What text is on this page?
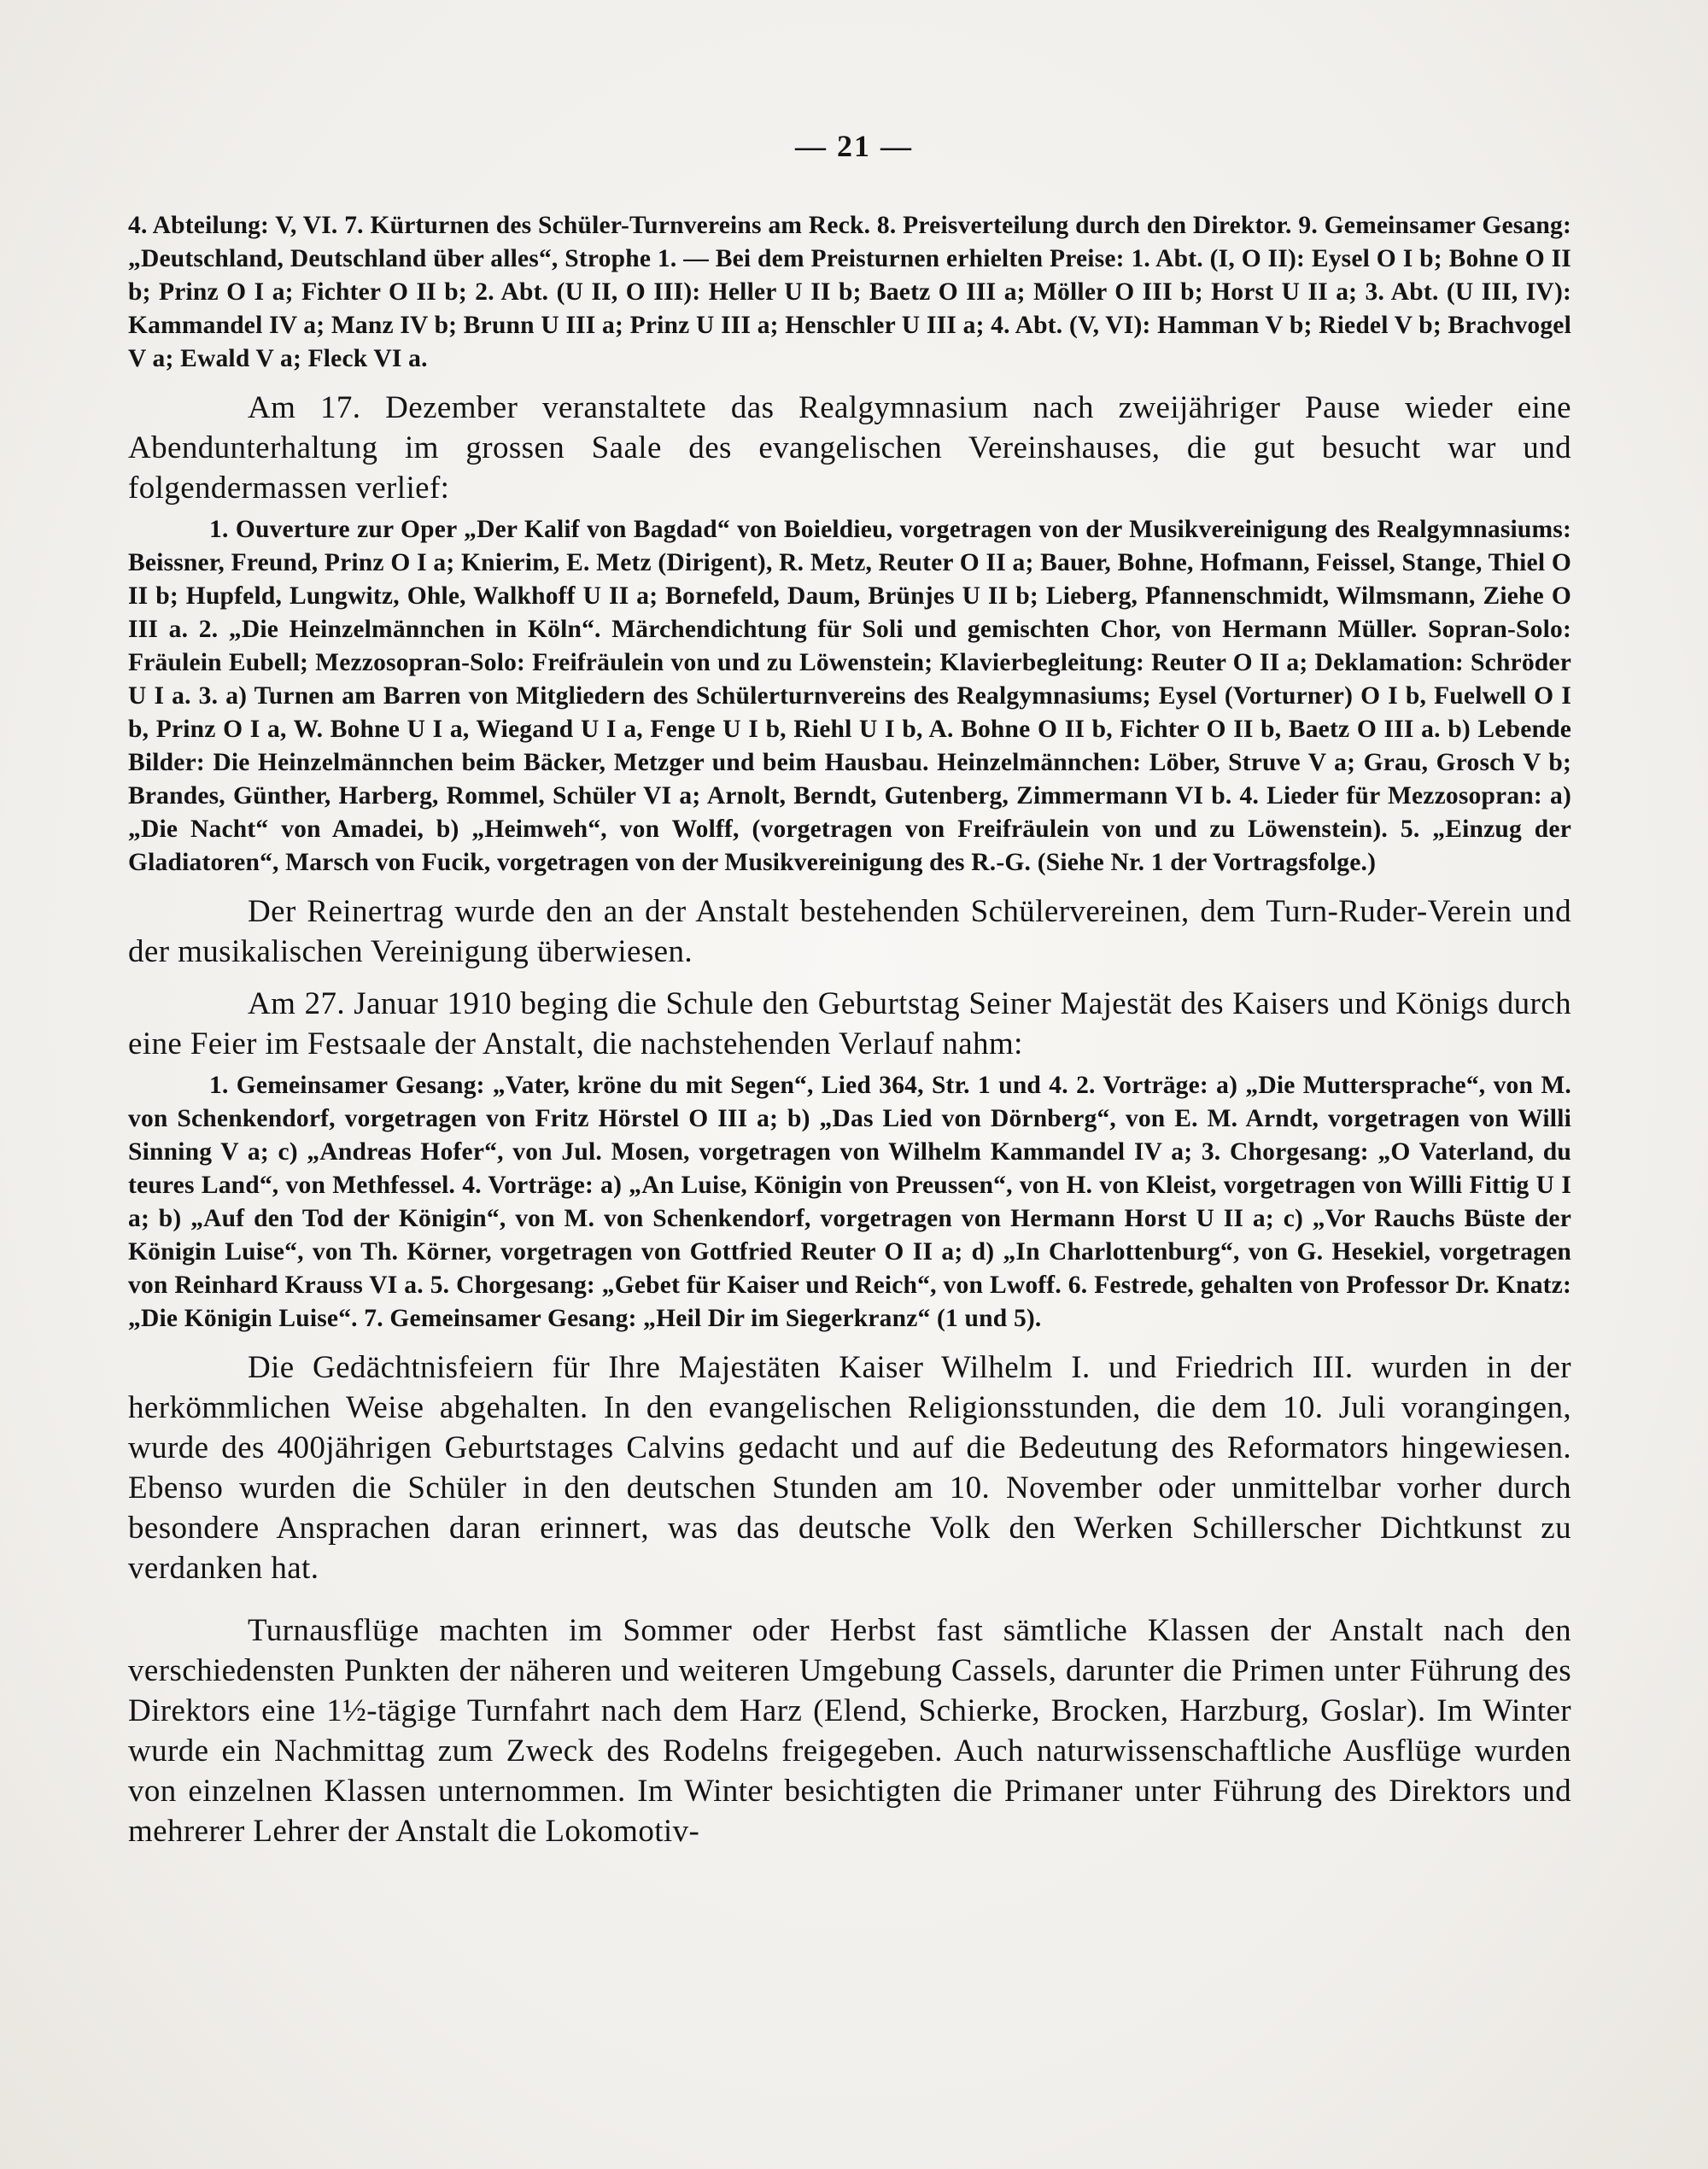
— 21 —

4. Abteilung: V, VI. 7. Kürturnen des Schüler-Turnvereins am Reck. 8. Preisverteilung durch den Direktor. 9. Gemeinsamer Gesang: „Deutschland, Deutschland über alles“, Strophe 1. — Bei dem Preisturnen erhielten Preise: 1. Abt. (I, O II): Eysel O I b; Bohne O II b; Prinz O I a; Fichter O II b; 2. Abt. (U II, O III): Heller U II b; Baetz O III a; Möller O III b; Horst U II a; 3. Abt. (U III, IV): Kammandel IV a; Manz IV b; Brunn U III a; Prinz U III a; Henschler U III a; 4. Abt. (V, VI): Hamman V b; Riedel V b; Brachvogel V a; Ewald V a; Fleck VI a.

Am 17. Dezember veranstaltete das Realgymnasium nach zweijähriger Pause wieder eine Abendunterhaltung im grossen Saale des evangelischen Vereinshauses, die gut besucht war und folgendermassen verlief:

1. Ouverture zur Oper „Der Kalif von Bagdad“ von Boieldieu, vorgetragen von der Musikvereinigung des Realgymnasiums: Beissner, Freund, Prinz O I a; Knierim, E. Metz (Dirigent), R. Metz, Reuter O II a; Bauer, Bohne, Hofmann, Feissel, Stange, Thiel O II b; Hupfeld, Lungwitz, Ohle, Walkhoff U II a; Bornefeld, Daum, Brünjes U II b; Lieberg, Pfannenschmidt, Wilmsmann, Ziehe O III a. 2. „Die Heinzelmännchen in Köln“. Märchendichtung für Soli und gemischten Chor, von Hermann Müller. Sopran-Solo: Fräulein Eubell; Mezzosopran-Solo: Freifräulein von und zu Löwenstein; Klavierbegleitung: Reuter O II a; Deklamation: Schröder U I a. 3. a) Turnen am Barren von Mitgliedern des Schülerturnvereins des Realgymnasiums; Eysel (Vorturner) O I b, Fuelwell O I b, Prinz O I a, W. Bohne U I a, Wiegand U I a, Fenge U I b, Riehl U I b, A. Bohne O II b, Fichter O II b, Baetz O III a. b) Lebende Bilder: Die Heinzelmännchen beim Bäcker, Metzger und beim Hausbau. Heinzelmännchen: Löber, Struve V a; Grau, Grosch V b; Brandes, Günther, Harberg, Rommel, Schüler VI a; Arnolt, Berndt, Gutenberg, Zimmermann VI b. 4. Lieder für Mezzosopran: a) „Die Nacht“ von Amadei, b) „Heimweh“, von Wolff, (vorgetragen von Freifräulein von und zu Löwenstein). 5. „Einzug der Gladiatoren“, Marsch von Fucik, vorgetragen von der Musikvereinigung des R.-G. (Siehe Nr. 1 der Vortragsfolge.)

Der Reinertrag wurde den an der Anstalt bestehenden Schülervereinen, dem Turn-Ruder-Verein und der musikalischen Vereinigung überwiesen.

Am 27. Januar 1910 beging die Schule den Geburtstag Seiner Majestät des Kaisers und Königs durch eine Feier im Festsaale der Anstalt, die nachstehenden Verlauf nahm:

1. Gemeinsamer Gesang: „Vater, kröne du mit Segen“, Lied 364, Str. 1 und 4. 2. Vorträge: a) „Die Muttersprache“, von M. von Schenkendorf, vorgetragen von Fritz Hörstel O III a; b) „Das Lied von Dörnberg“, von E. M. Arndt, vorgetragen von Willi Sinning V a; c) „Andreas Hofer“, von Jul. Mosen, vorgetragen von Wilhelm Kammandel IV a; 3. Chorgesang: „O Vaterland, du teures Land“, von Methfessel. 4. Vorträge: a) „An Luise, Königin von Preussen“, von H. von Kleist, vorgetragen von Willi Fittig U I a; b) „Auf den Tod der Königin“, von M. von Schenkendorf, vorgetragen von Hermann Horst U II a; c) „Vor Rauchs Büste der Königin Luise“, von Th. Körner, vorgetragen von Gottfried Reuter O II a; d) „In Charlottenburg“, von G. Hesekiel, vorgetragen von Reinhard Krauss VI a. 5. Chorgesang: „Gebet für Kaiser und Reich“, von Lwoff. 6. Festrede, gehalten von Professor Dr. Knatz: „Die Königin Luise“. 7. Gemeinsamer Gesang: „Heil Dir im Siegerkranz“ (1 und 5).

Die Gedächtnisfeiern für Ihre Majestäten Kaiser Wilhelm I. und Friedrich III. wurden in der herkömmlichen Weise abgehalten. In den evangelischen Religionsstunden, die dem 10. Juli vorangingen, wurde des 400jährigen Geburtstages Calvins gedacht und auf die Bedeutung des Reformators hingewiesen. Ebenso wurden die Schüler in den deutschen Stunden am 10. November oder unmittelbar vorher durch besondere Ansprachen daran erinnert, was das deutsche Volk den Werken Schillerscher Dichtkunst zu verdanken hat.

Turnausflüge machten im Sommer oder Herbst fast sämtliche Klassen der Anstalt nach den verschiedensten Punkten der näheren und weiteren Umgebung Cassels, darunter die Primen unter Führung des Direktors eine 1½-tägige Turnfahrt nach dem Harz (Elend, Schierke, Brocken, Harzburg, Goslar). Im Winter wurde ein Nachmittag zum Zweck des Rodelns freigegeben. Auch naturwissenschaftliche Ausflüge wurden von einzelnen Klassen unternommen. Im Winter besichtigten die Primaner unter Führung des Direktors und mehrerer Lehrer der Anstalt die Lokomotiv-
